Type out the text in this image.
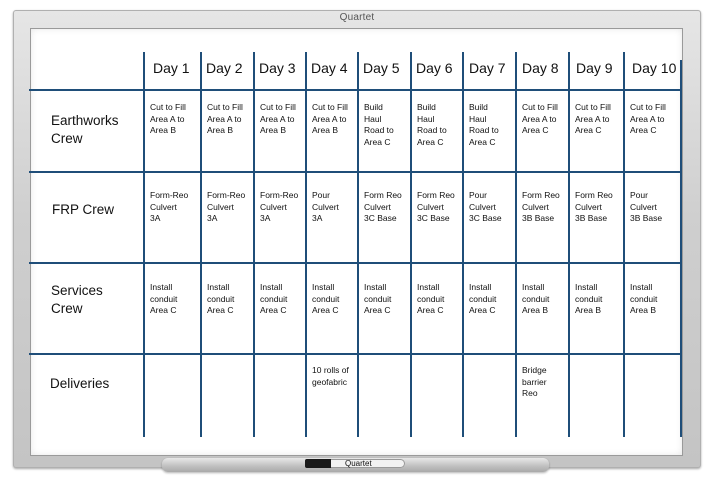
Quartet
Day 1 Day 2 Day 3 Day 4 Day 5 Day 6 Day 7 Day 8 Day 9 Day 10
Earthworks
Crew
Cut to Fill
Area A to
Area B
Cut to Fill
Area A to
Area B
Cut to Fill
Area A to
Area B
Cut to Fill
Area A to
Area B
Build
Haul
Road to
Area C
Build
Haul
Road to
Area C
Build
Haul
Road to
Area C
Cut to Fill
Area A to
Area C
Cut to Fill
Area A to
Area C
Cut to Fill
Area A to
Area C
FRP Crew
Form-Reo
Culvert
3A
Form-Reo
Culvert
3A
Form-Reo
Culvert
3A
Pour
Culvert
3A
Form Reo
Culvert
3C Base
Form Reo
Culvert
3C Base
Pour
Culvert
3C Base
Form Reo
Culvert
3B Base
Form Reo
Culvert
3B Base
Pour
Culvert
3B Base
Services
Crew
Install
conduit
Area C
Install
conduit
Area C
Install
conduit
Area C
Install
conduit
Area C
Install
conduit
Area C
Install
conduit
Area C
Install
conduit
Area C
Install
conduit
Area B
Install
conduit
Area B
Install
conduit
Area B
Deliveries
10 rolls of
geofabric
Bridge
barrier
Reo
Quartet
